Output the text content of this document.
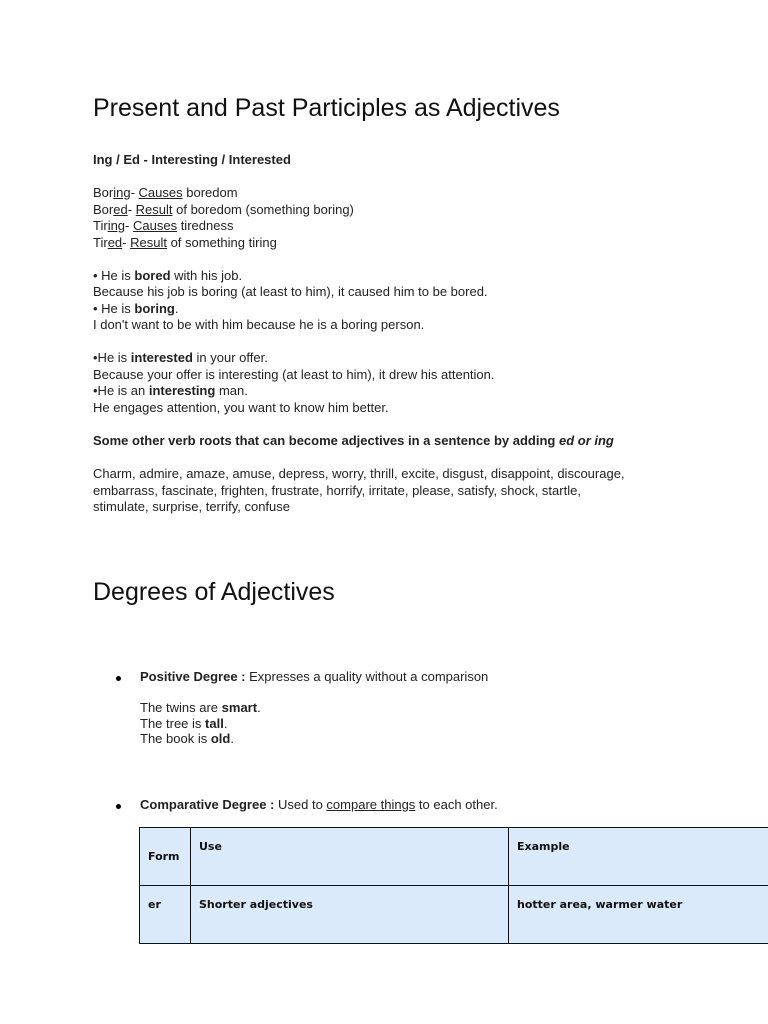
Present and Past Participles as Adjectives
Ing / Ed - Interesting / Interested
Boring- Causes boredom
Bored- Result of boredom (something boring)
Tiring- Causes tiredness
Tired- Result of something tiring
• He is bored with his job.
Because his job is boring (at least to him), it caused him to be bored.
• He is boring.
I don't want to be with him because he is a boring person.
•He is interested in your offer.
Because your offer is interesting (at least to him), it drew his attention.
•He is an interesting man.
He engages attention, you want to know him better.
Some other verb roots that can become adjectives in a sentence by adding ed or ing
Charm, admire, amaze, amuse, depress, worry, thrill, excite, disgust, disappoint, discourage,
embarrass, fascinate, frighten, frustrate, horrify, irritate, please, satisfy, shock, startle,
stimulate, surprise, terrify, confuse
Degrees of Adjectives
Positive Degree : Expresses a quality without a comparison
The twins are smart.
The tree is tall.
The book is old.
Comparative Degree : Used to compare things to each other.
Form	Use	Example
er	Shorter adjectives	hotter area, warmer water
